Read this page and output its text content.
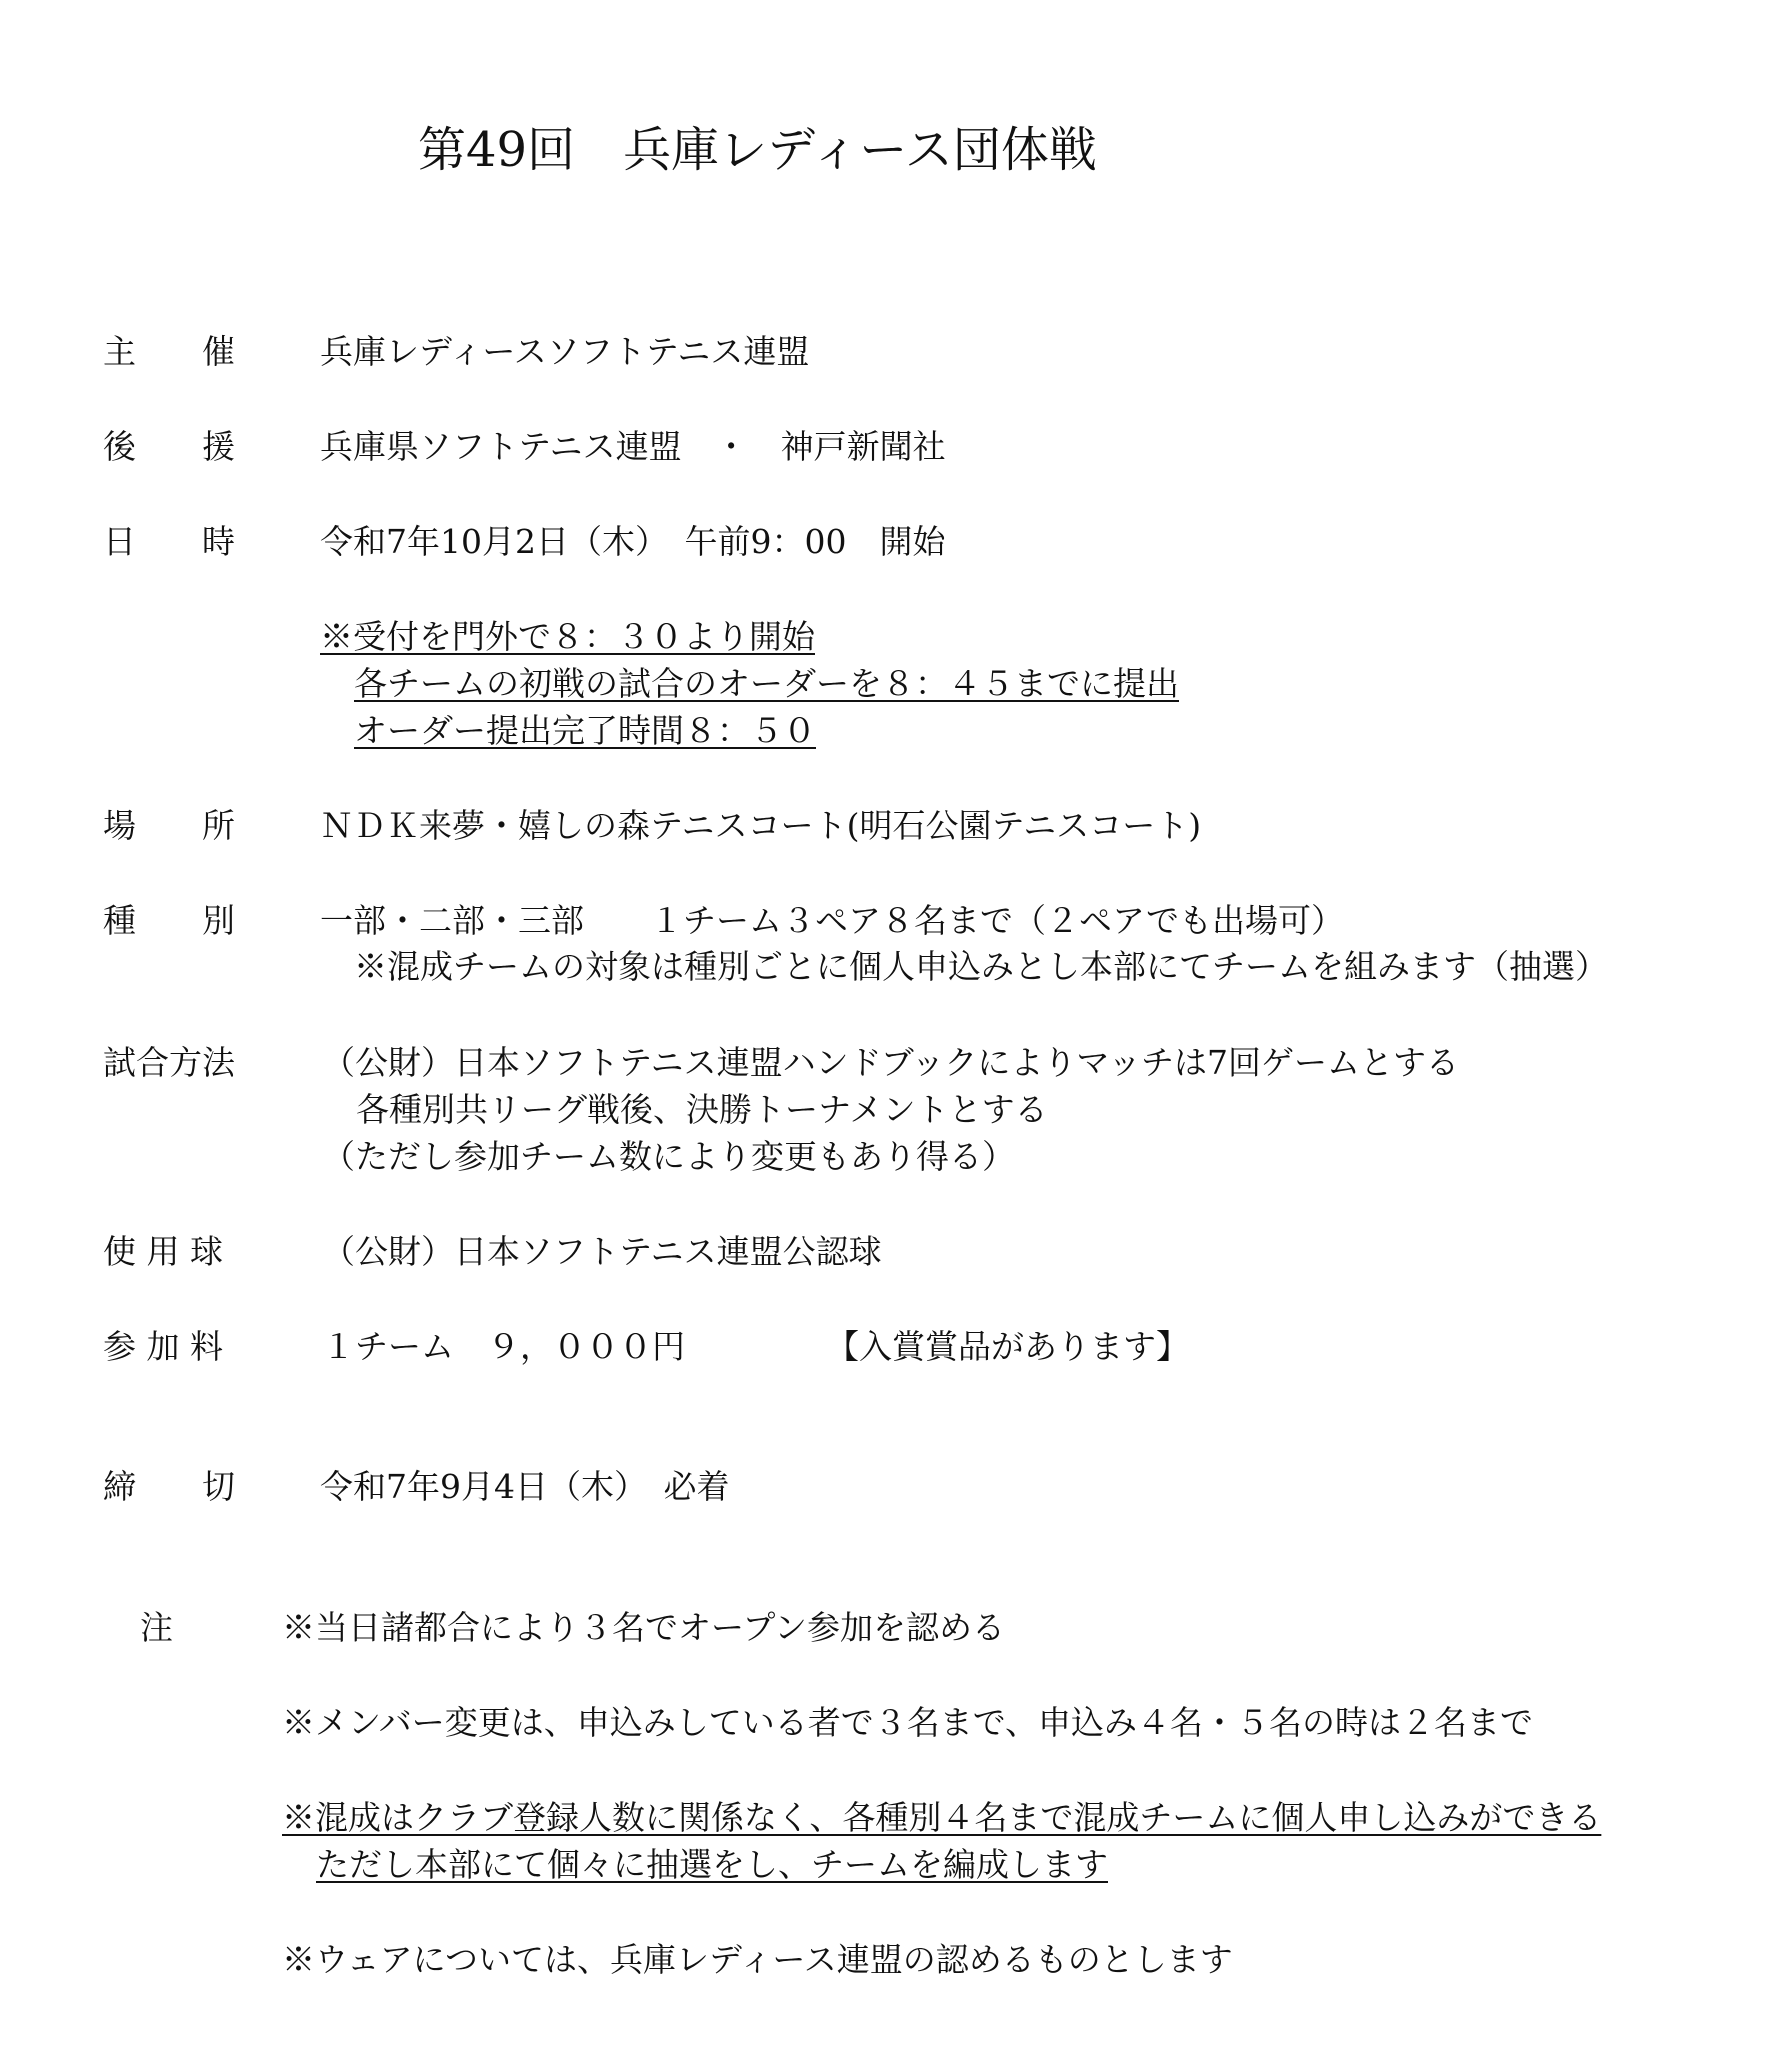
第49回　兵庫レディース団体戦
主　　催	兵庫レディースソフトテニス連盟
後　　援	兵庫県ソフトテニス連盟　・　神戸新聞社
日　　時	令和7年10月2日（木）　午前9：00　開始
※受付を門外で８：３０より開始
各チームの初戦の試合のオーダーを８：４５までに提出
オーダー提出完了時間８：５０
場　　所	ＮＤＫ来夢・嬉しの森テニスコート(明石公園テニスコート)
種　　別	一部・二部・三部　　１チーム３ペア８名まで（２ペアでも出場可）
※混成チームの対象は種別ごとに個人申込みとし本部にてチームを組みます（抽選）
試合方法	（公財）日本ソフトテニス連盟ハンドブックによりマッチは7回ゲームとする
各種別共リーグ戦後、決勝トーナメントとする
（ただし参加チーム数により変更もあり得る）
使 用 球	（公財）日本ソフトテニス連盟公認球
参 加 料	１チーム　９，０００円	【入賞賞品があります】
締　　切	令和7年9月4日（木）　必着
注	※当日諸都合により３名でオープン参加を認める
※メンバー変更は、申込みしている者で３名まで、申込み４名・５名の時は２名まで
※混成はクラブ登録人数に関係なく、各種別４名まで混成チームに個人申し込みができる
ただし本部にて個々に抽選をし、チームを編成します
※ウェアについては、兵庫レディース連盟の認めるものとします
